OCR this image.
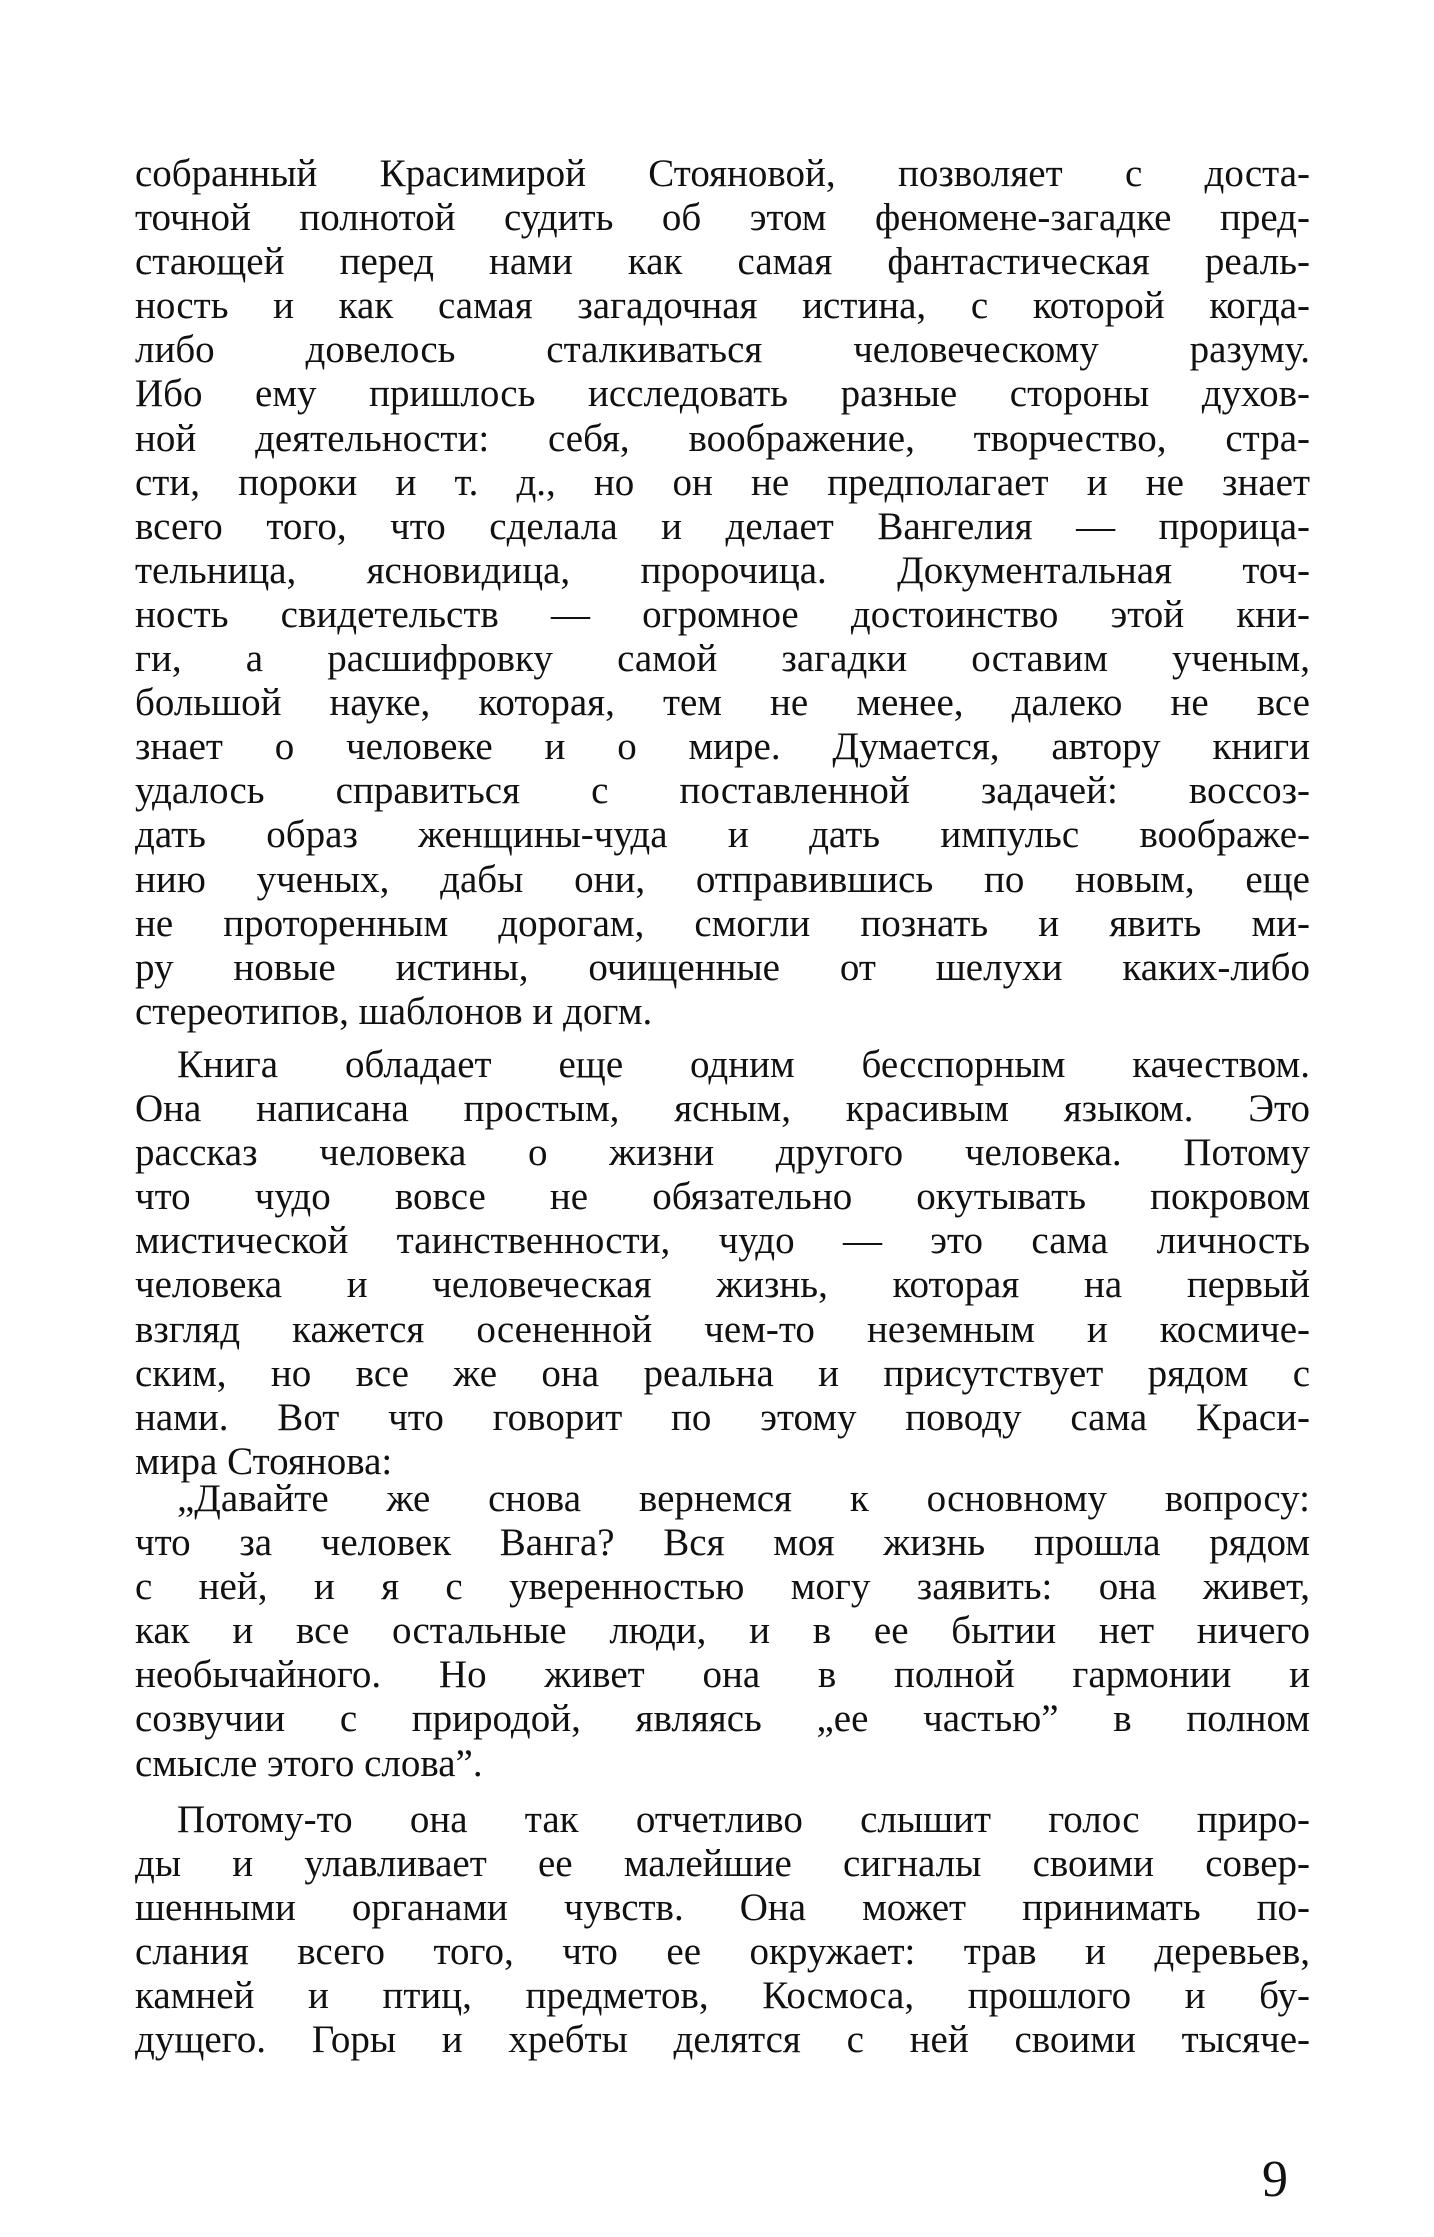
собранный Красимирой Стояновой, позволяет с доста-
точной полнотой судить об этом феномене-загадке пред-
стающей перед нами как самая фантастическая реаль-
ность и как самая загадочная истина, с которой когда-
либо довелось сталкиваться человеческому разуму.
Ибо ему пришлось исследовать разные стороны духов-
ной деятельности: себя, воображение, творчество, стра-
сти, пороки и т. д., но он не предполагает и не знает
всего того, что сделала и делает Вангелия — прорица-
тельница, ясновидица, пророчица. Документальная точ-
ность свидетельств — огромное достоинство этой кни-
ги, а расшифровку самой загадки оставим ученым,
большой науке, которая, тем не менее, далеко не все
знает о человеке и о мире. Думается, автору книги
удалось справиться с поставленной задачей: воссоз-
дать образ женщины-чуда и дать импульс воображе-
нию ученых, дабы они, отправившись по новым, еще
не проторенным дорогам, смогли познать и явить ми-
ру новые истины, очищенные от шелухи каких-либо
стереотипов, шаблонов и догм.
Книга обладает еще одним бесспорным качеством.
Она написана простым, ясным, красивым языком. Это
рассказ человека о жизни другого человека. Потому
что чудо вовсе не обязательно окутывать покровом
мистической таинственности, чудо — это сама личность
человека и человеческая жизнь, которая на первый
взгляд кажется осененной чем-то неземным и космиче-
ским, но все же она реальна и присутствует рядом с
нами. Вот что говорит по этому поводу сама Краси-
мира Стоянова:
„Давайте же снова вернемся к основному вопросу:
что за человек Ванга? Вся моя жизнь прошла рядом
с ней, и я с уверенностью могу заявить: она живет,
как и все остальные люди, и в ее бытии нет ничего
необычайного. Но живет она в полной гармонии и
созвучии с природой, являясь „ее частью” в полном
смысле этого слова”.
Потому-то она так отчетливо слышит голос приро-
ды и улавливает ее малейшие сигналы своими совер-
шенными органами чувств. Она может принимать по-
слания всего того, что ее окружает: трав и деревьев,
камней и птиц, предметов, Космоса, прошлого и бу-
дущего. Горы и хребты делятся с ней своими тысяче-
9
